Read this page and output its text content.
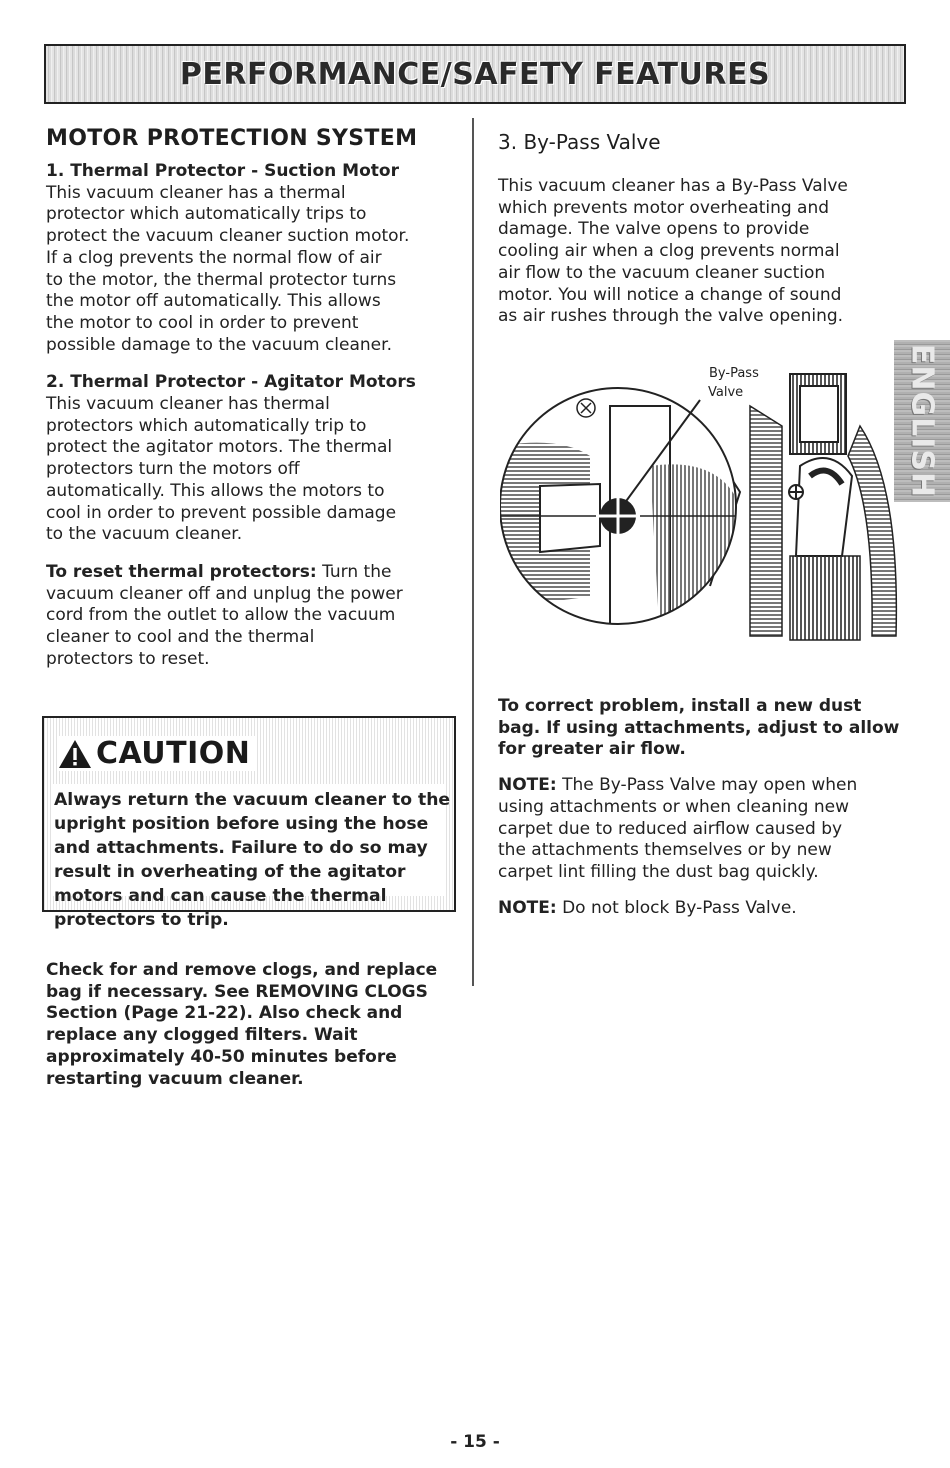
PERFORMANCE/SAFETY FEATURES
MOTOR PROTECTION SYSTEM

1. Thermal Protector - Suction Motor

This vacuum cleaner has a thermal

protector which automatically trips to

protect the vacuum cleaner suction motor.

If a clog prevents the normal flow of air

to the motor, the thermal protector turns

the motor off automatically. This allows

the motor to cool in order to prevent

possible damage to the vacuum cleaner.

2. Thermal Protector - Agitator Motors

This vacuum cleaner has thermal

protectors which automatically trip to

protect the agitator motors. The thermal

protectors turn the motors off

automatically. This allows the motors to

cool in order to prevent possible damage

to the vacuum cleaner.

To reset thermal protectors: Turn the

vacuum cleaner off and unplug the power

cord from the outlet to allow the vacuum

cleaner to cool and the thermal

protectors to reset.

CAUTION

Always return the vacuum cleaner to the

upright position before using the hose

and attachments. Failure to do so may

result in overheating of the agitator

motors and can cause the thermal

protectors to trip.

Check for and remove clogs, and replace

bag if necessary. See REMOVING CLOGS

Section (Page 21-22). Also check and

replace any clogged filters. Wait

approximately 40-50 minutes before

restarting vacuum cleaner.

3. By-Pass Valve

This vacuum cleaner has a By-Pass Valve

which prevents motor overheating and

damage. The valve opens to provide

cooling air when a clog prevents normal

air flow to the vacuum cleaner suction

motor. You will notice a change of sound

as air rushes through the valve opening.

By-Pass
Valve	ENGLISH

To correct problem, install a new dust

bag. If using attachments, adjust to allow

for greater air flow.

NOTE: The By-Pass Valve may open when

using attachments or when cleaning new

carpet due to reduced airflow caused by

the attachments themselves or by new

carpet lint filling the dust bag quickly.

NOTE: Do not block By-Pass Valve.

- 15 -
